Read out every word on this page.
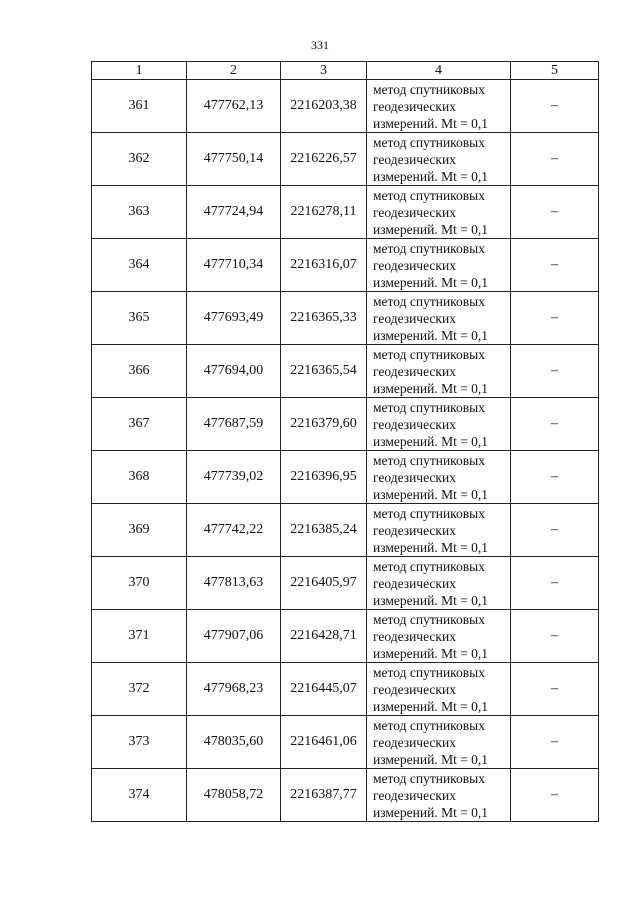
331
1	2	3	4	5
361	477762,13	2216203,38	метод спутниковых
геодезических
измерений. Mt = 0,1	–
362	477750,14	2216226,57	метод спутниковых
геодезических
измерений. Mt = 0,1	–
363	477724,94	2216278,11	метод спутниковых
геодезических
измерений. Mt = 0,1	–
364	477710,34	2216316,07	метод спутниковых
геодезических
измерений. Mt = 0,1	–
365	477693,49	2216365,33	метод спутниковых
геодезических
измерений. Mt = 0,1	–
366	477694,00	2216365,54	метод спутниковых
геодезических
измерений. Mt = 0,1	–
367	477687,59	2216379,60	метод спутниковых
геодезических
измерений. Mt = 0,1	–
368	477739,02	2216396,95	метод спутниковых
геодезических
измерений. Mt = 0,1	–
369	477742,22	2216385,24	метод спутниковых
геодезических
измерений. Mt = 0,1	–
370	477813,63	2216405,97	метод спутниковых
геодезических
измерений. Mt = 0,1	–
371	477907,06	2216428,71	метод спутниковых
геодезических
измерений. Mt = 0,1	–
372	477968,23	2216445,07	метод спутниковых
геодезических
измерений. Mt = 0,1	–
373	478035,60	2216461,06	метод спутниковых
геодезических
измерений. Mt = 0,1	–
374	478058,72	2216387,77	метод спутниковых
геодезических
измерений. Mt = 0,1	–
